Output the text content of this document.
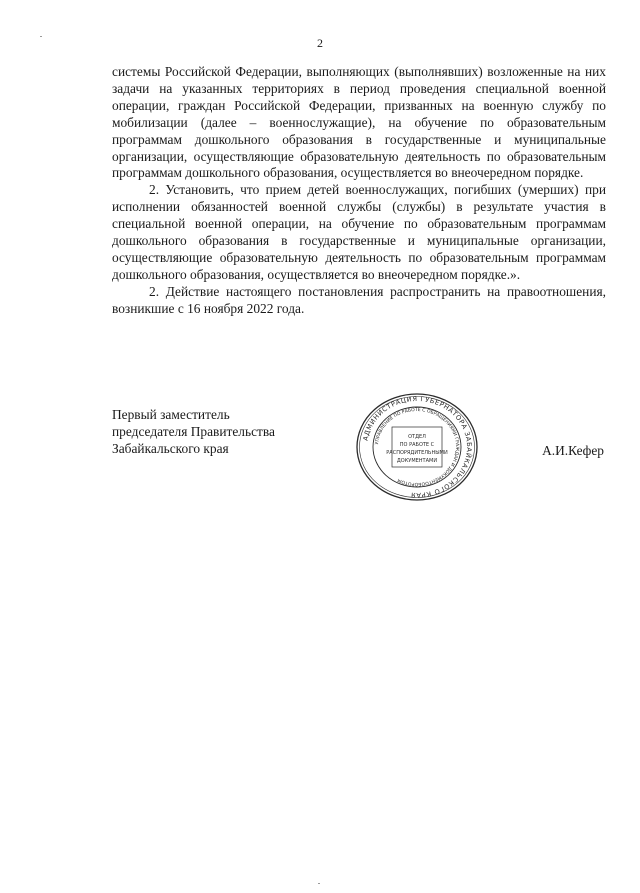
2

системы Российской Федерации, выполняющих (выполнявших) возложенные на них задачи на указанных территориях в период проведения специальной военной операции, граждан Российской Федерации, призванных на военную службу по мобилизации (далее – военнослужащие), на обучение по образовательным программам дошкольного образования в государственные и муниципальные организации, осуществляющие образовательную деятельность по образовательным программам дошкольного образования, осуществляется во внеочередном порядке.

2. Установить, что прием детей военнослужащих, погибших (умерших) при исполнении обязанностей военной службы (службы) в результате участия в специальной военной операции, на обучение по образовательным программам дошкольного образования в государственные и муниципальные организации, осуществляющие образовательную деятельность по образовательным программам дошкольного образования, осуществляется во внеочередном порядке.».

2. Действие настоящего постановления распространить на правоотношения, возникшие с 16 ноября 2022 года.

Первый заместитель
председателя Правительства
Забайкальского края
АДМИНИСТРАЦИЯ ГУБЕРНАТОРА ЗАБАЙКАЛЬСКОГО КРАЯ
УПРАВЛЕНИЕ ПО РАБОТЕ С ОБРАЩЕНИЯМИ ГРАЖДАН И ДОКУМЕНТООБОРОТОМ
ОТДЕЛ
ПО РАБОТЕ С
РАСПОРЯДИТЕЛЬНЫМИ
ДОКУМЕНТАМИ
А.И.Кефер
